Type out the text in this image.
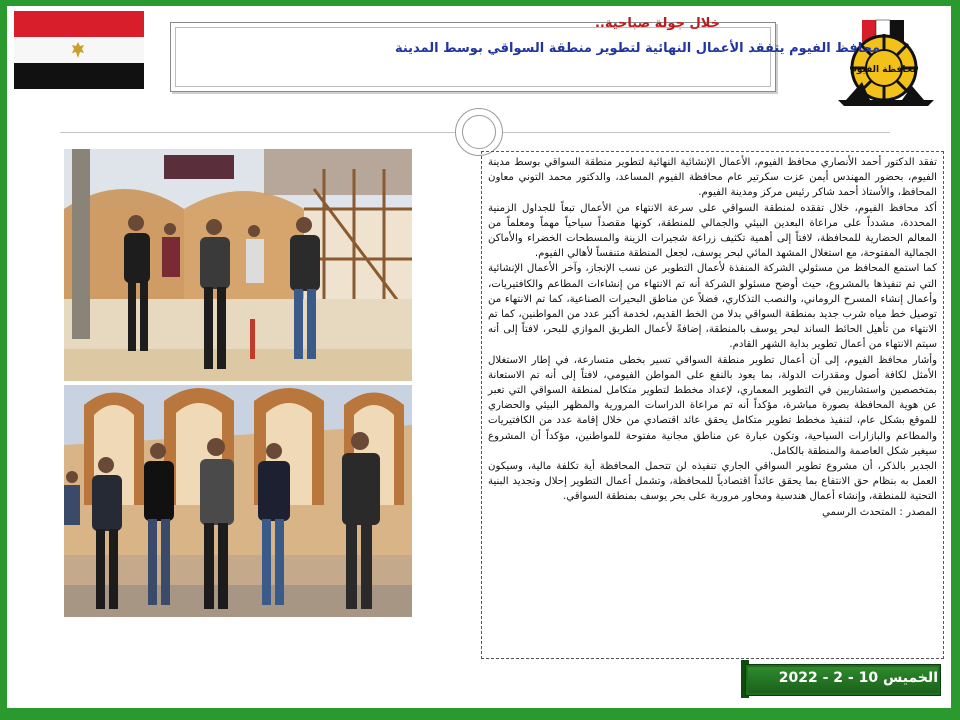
محافظة الفيوم
خلال جولة صباحية..
محافظ الفيوم يتفقد الأعمال النهائية لتطوير منطقة السواقي بوسط المدينة

تفقد الدكتور أحمد الأنصاري محافظ الفيوم، الأعمال الإنشائية النهائية لتطوير منطقة السواقي بوسط مدينة الفيوم، بحضور المهندس أيمن عزت سكرتير عام محافظة الفيوم المساعد، والدكتور محمد التوني معاون المحافظ، والأستاذ أحمد شاكر رئيس مركز ومدينة الفيوم.

أكد محافظ الفيوم، خلال تفقده لمنطقة السواقي على سرعة الانتهاء من الأعمال تبعاً للجداول الزمنية المحددة، مشدداً على مراعاة البعدين البيئي والجمالي للمنطقة، كونها مقصداً سياحياً مهماً ومعلماً من المعالم الحضارية للمحافظة، لافتاً إلى أهمية تكثيف زراعة شجيرات الزينة والمسطحات الخضراء والأماكن الجمالية المفتوحة، مع استغلال المشهد المائي لبحر يوسف، لجعل المنطقة متنفساً لأهالي الفيوم.

كما استمع المحافظ من مسئولي الشركة المنفذة لأعمال التطوير عن نسب الإنجاز، وآخر الأعمال الإنشائية التي تم تنفيذها بالمشروع، حيث أوضح مسئولو الشركة أنه تم الانتهاء من إنشاءات المطاعم والكافتيريات، وأعمال إنشاء المسرح الروماني، والنصب التذكاري، فضلاً عن مناطق البحيرات الصناعية، كما تم الانتهاء من توصيل خط مياه شرب جديد بمنطقة السواقي بدلا من الخط القديم، لخدمة أكبر عدد من المواطنين، كما تم الانتهاء من تأهيل الحائط الساند لبحر يوسف بالمنطقة، إضافةً لأعمال الطريق الموازي للبحر، لافتاً إلى أنه سيتم الانتهاء من أعمال تطوير بداية الشهر القادم.

وأشار محافظ الفيوم، إلى أن أعمال تطوير منطقة السواقي تسير بخطى متسارعة، في إطار الاستغلال الأمثل لكافة أصول ومقدرات الدولة، بما يعود بالنفع على المواطن الفيومي، لافتاً إلى أنه تم الاستعانة بمتخصصين واستشاريين في التطوير المعماري، لإعداد مخطط لتطوير متكامل لمنطقة السواقي التي تعبر عن هوية المحافظة بصورة مباشرة، مؤكداً أنه تم مراعاة الدراسات المرورية والمظهر البيئي والحضاري للموقع بشكل عام، لتنفيذ مخطط تطوير متكامل يحقق عائد اقتصادي من خلال إقامة عدد من الكافتيريات والمطاعم والبازارات السياحية، وتكون عبارة عن مناطق مجانية مفتوحة للمواطنين، مؤكداً أن المشروع سيغير شكل العاصمة والمنطقة بالكامل.

الجدير بالذكر، أن مشروع تطوير السواقي الجاري تنفيذه لن تتحمل المحافظة أية تكلفة مالية، وسيكون العمل به بنظام حق الانتفاع بما يحقق عائداً اقتصادياً للمحافظة، وتشمل أعمال التطوير إحلال وتجديد البنية التحتية للمنطقة، وإنشاء أعمال هندسية ومحاور مرورية على بحر يوسف بمنطقة السواقي.

المصدر : المتحدث الرسمي

الخميس 10 - 2 - 2022
